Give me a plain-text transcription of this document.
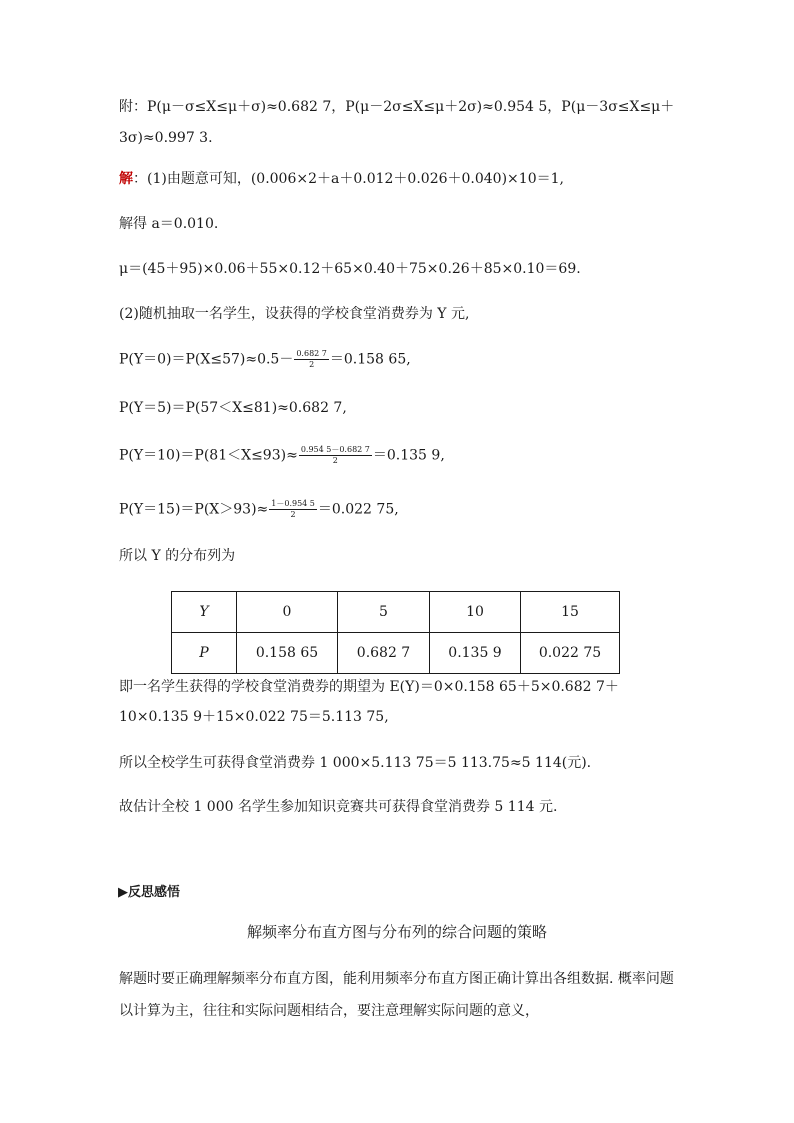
附：P(μ－σ≤X≤μ＋σ)≈0.682 7，P(μ－2σ≤X≤μ＋2σ)≈0.954 5，P(μ－3σ≤X≤μ＋
3σ)≈0.997 3.
解：(1)由题意可知，(0.006×2＋a＋0.012＋0.026＋0.040)×10＝1,
解得 a＝0.010.
μ＝(45＋95)×0.06＋55×0.12＋65×0.40＋75×0.26＋85×0.10＝69.
(2)随机抽取一名学生，设获得的学校食堂消费券为 Y 元,
$P(Y=0)=P(X\le 57)\approx 0.5- \frac{0.682 7}{2} =0.158$ 65,
P(Y＝5)＝P(57＜X≤81)≈0.682 7,
$P(Y=10)=P(81<X\le 93)\approx \frac{0.954 5-0.682 7}{2} =0.135$ 9,
$P(Y=15)=P(X>93)\approx \frac{1-0.954 5}{2} =0.022$ 75,
所以 Y 的分布列为
Y	0	5	10	15
P	0.158 65	0.682 7	0.135 9	0.022 75
即一名学生获得的学校食堂消费券的期望为 E(Y)＝0×0.158 65＋5×0.682 7＋
10×0.135 9＋15×0.022 75＝5.113 75,
所以全校学生可获得食堂消费券 1 000×5.113 75＝5 113.75≈5 114(元).
故估计全校 1 000 名学生参加知识竞赛共可获得食堂消费券 5 114 元.
▶反思感悟
解频率分布直方图与分布列的综合问题的策略
解题时要正确理解频率分布直方图，能利用频率分布直方图正确计算出各组数据. 概率问题以计算为主，往往和实际问题相结合，要注意理解实际问题的意义，
